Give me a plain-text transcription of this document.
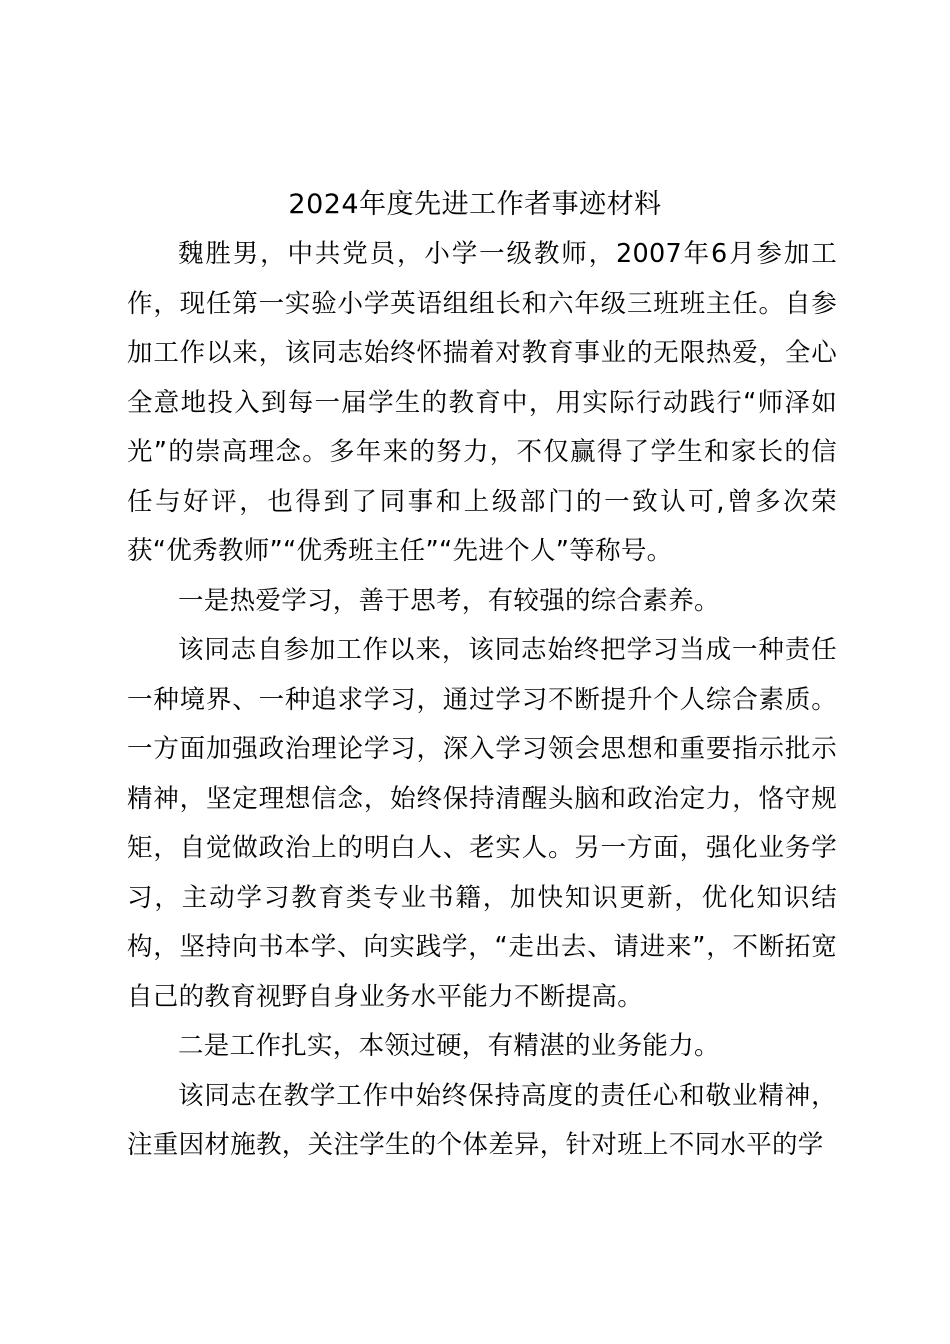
2024年度先进工作者事迹材料

魏胜男，中共党员，小学一级教师，2007年6月参加工作，现任第一实验小学英语组组长和六年级三班班主任。自参加工作以来，该同志始终怀揣着对教育事业的无限热爱，全心全意地投入到每一届学生的教育中，用实际行动践行“师泽如光”的崇高理念。多年来的努力，不仅赢得了学生和家长的信任与好评，也得到了同事和上级部门的一致认可,曾多次荣获“优秀教师”“优秀班主任”“先进个人”等称号。

一是热爱学习，善于思考，有较强的综合素养。

该同志自参加工作以来，该同志始终把学习当成一种责任一种境界、一种追求学习，通过学习不断提升个人综合素质。一方面加强政治理论学习，深入学习领会思想和重要指示批示精神，坚定理想信念，始终保持清醒头脑和政治定力，恪守规矩，自觉做政治上的明白人、老实人。另一方面，强化业务学习，主动学习教育类专业书籍，加快知识更新，优化知识结构，坚持向书本学、向实践学，“走出去、请进来”，不断拓宽自己的教育视野自身业务水平能力不断提高。

二是工作扎实，本领过硬，有精湛的业务能力。

该同志在教学工作中始终保持高度的责任心和敬业精神，注重因材施教，关注学生的个体差异，针对班上不同水平的学
